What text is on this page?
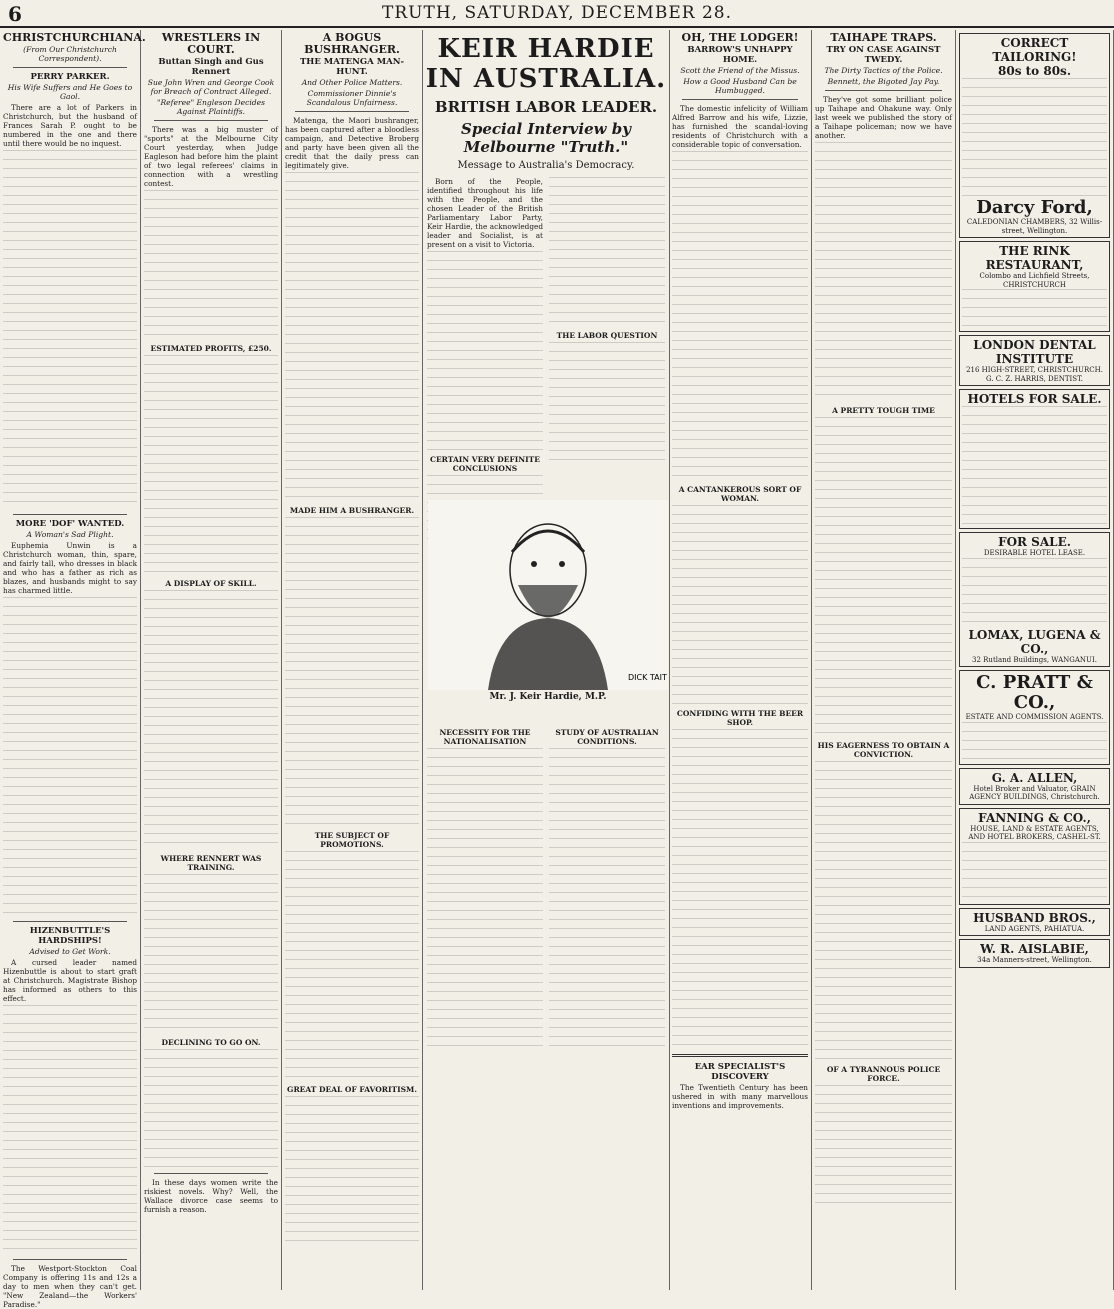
6	TRUTH, SATURDAY, DECEMBER 28.
CHRISTCHURCHIANA.
(From Our Christchurch Correspondent).
PERRY PARKER.
His Wife Suffers and He Goes to Gaol.

There are a lot of Parkers in Christchurch, but the husband of Frances Sarah P. ought to be numbered in the one and there until there would be no inquest.

MORE 'DOF' WANTED.
A Woman's Sad Plight.

Euphemia Unwin is a Christchurch woman, thin, spare, and fairly tall, who dresses in black and who has a father as rich as blazes, and husbands might to say has charmed little.

HIZENBUTTLE'S HARDSHIPS!
Advised to Get Work.

A cursed leader named Hizenbuttle is about to start graft at Christchurch. Magistrate Bishop has informed as others to this effect.

The Westport-Stockton Coal Company is offering 11s and 12s a day to men when they can't get. "New Zealand—the Workers' Paradise."

WRESTLERS IN COURT.
Buttan Singh and Gus Rennert
Sue John Wren and George Cook for Breach of Contract Alleged.
"Referee" Engleson Decides Against Plaintiffs.

There was a big muster of "sports" at the Melbourne City Court yesterday, when Judge Eagleson had before him the plaint of two legal referees' claims in connection with a wrestling contest.

ESTIMATED PROFITS, £250.
A DISPLAY OF SKILL.
WHERE RENNERT WAS TRAINING.
DECLINING TO GO ON.

In these days women write the riskiest novels. Why? Well, the Wallace divorce case seems to furnish a reason.

A BOGUS BUSHRANGER.
THE MATENGA MAN-HUNT.
And Other Police Matters.
Commissioner Dinnie's Scandalous Unfairness.

Matenga, the Maori bushranger, has been captured after a bloodless campaign, and Detective Broberg and party have been given all the credit that the daily press can legitimately give.

MADE HIM A BUSHRANGER.
THE SUBJECT OF PROMOTIONS.
GREAT DEAL OF FAVORITISM.
KEIR HARDIE IN AUSTRALIA.
BRITISH LABOR LEADER.
Special Interview by Melbourne "Truth."
Message to Australia's Democracy.

Born of the People, identified throughout his life with the People, and the chosen Leader of the British Parliamentary Labor Party, Keir Hardie, the acknowledged leader and Socialist, is at present on a visit to Victoria.

CERTAIN VERY DEFINITE CONCLUSIONS
THE LABOR QUESTION
NECESSITY FOR THE NATIONALISATION
STUDY OF AUSTRALIAN CONDITIONS.
DICK TAIT
Mr. J. Keir Hardie, M.P.
OH, THE LODGER!
BARROW'S UNHAPPY HOME.
Scott the Friend of the Missus.
How a Good Husband Can be Humbugged.

The domestic infelicity of William Alfred Barrow and his wife, Lizzie, has furnished the scandal-loving residents of Christchurch with a considerable topic of conversation.

A CANTANKEROUS SORT OF WOMAN.
CONFIDING WITH THE BEER SHOP.
EAR SPECIALIST'S DISCOVERY

The Twentieth Century has been ushered in with many marvellous inventions and improvements.

TAIHAPE TRAPS.
TRY ON CASE AGAINST TWEDY.
The Dirty Tactics of the Police.
Bennett, the Bigoted Jay Pay.

They've got some brilliant police up Taihape and Ohakune way. Only last week we published the story of a Taihape policeman; now we have another.

A PRETTY TOUGH TIME
HIS EAGERNESS TO OBTAIN A CONVICTION.
OF A TYRANNOUS POLICE FORCE.
CORRECT TAILORING!
80s to 80s.
Darcy Ford,
CALEDONIAN CHAMBERS, 32 Willis-street, Wellington.
THE RINK RESTAURANT,
Colombo and Lichfield Streets, CHRISTCHURCH
LONDON DENTAL INSTITUTE
216 HIGH-STREET, CHRISTCHURCH.
G. C. Z. HARRIS, DENTIST.
HOTELS FOR SALE.
FOR SALE.
DESIRABLE HOTEL LEASE.
LOMAX, LUGENA & CO.,
32 Rutland Buildings, WANGANUI.
C. PRATT & CO.,
ESTATE AND COMMISSION AGENTS.
G. A. ALLEN,
Hotel Broker and Valuator, GRAIN AGENCY BUILDINGS, Christchurch.
FANNING & CO.,
HOUSE, LAND & ESTATE AGENTS, AND HOTEL BROKERS, CASHEL-ST.
HUSBAND BROS.,
LAND AGENTS, PAHIATUA.
W. R. AISLABIE,
34a Manners-street, Wellington.
